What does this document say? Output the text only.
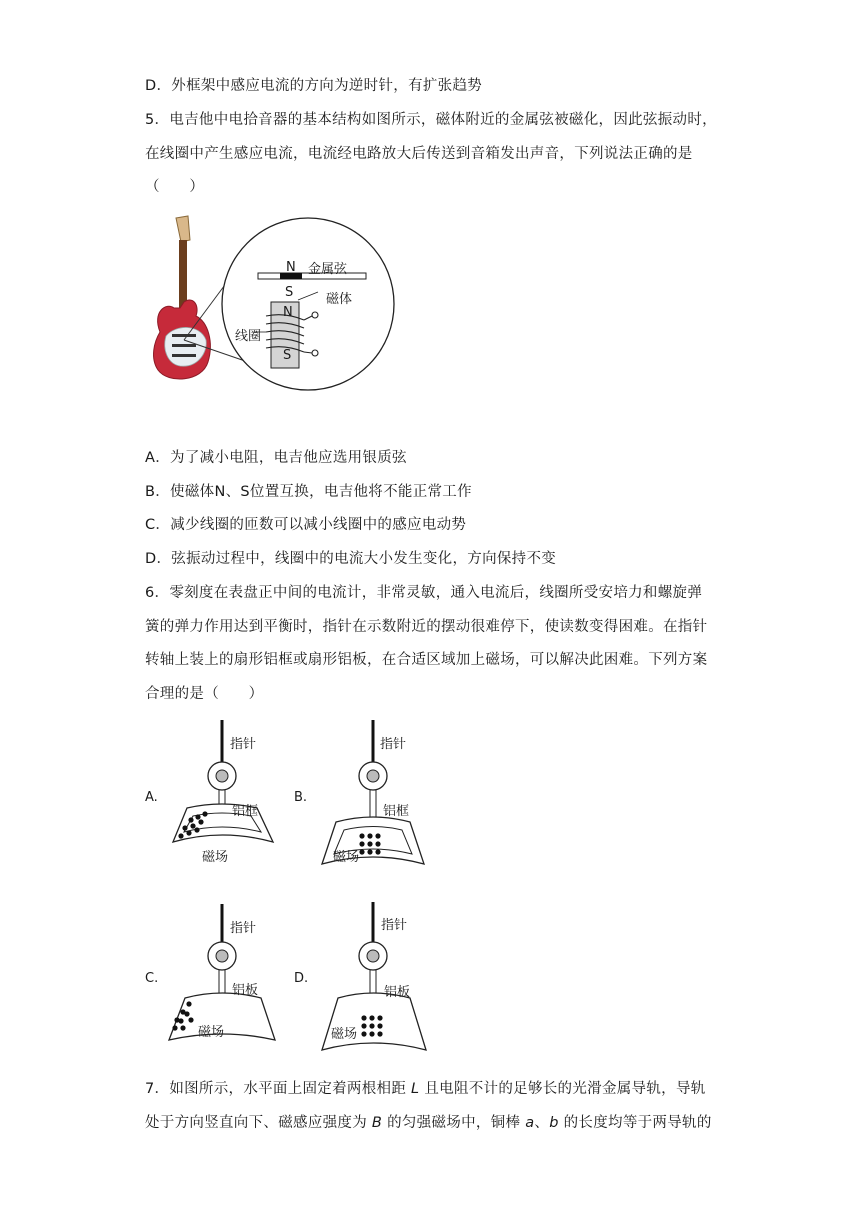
D．外框架中感应电流的方向为逆时针，有扩张趋势
5．电吉他中电拾音器的基本结构如图所示，磁体附近的金属弦被磁化，因此弦振动时，
在线圈中产生感应电流，电流经电路放大后传送到音箱发出声音，下列说法正确的是
（　　）
N 金属弦
S	磁体
N
线圈
S
A．为了减小电阻，电吉他应选用银质弦
B．使磁体N、S位置互换，电吉他将不能正常工作
C．减少线圈的匝数可以减小线圈中的感应电动势
D．弦振动过程中，线圈中的电流大小发生变化，方向保持不变
6．零刻度在表盘正中间的电流计，非常灵敏，通入电流后，线圈所受安培力和螺旋弹
簧的弹力作用达到平衡时，指针在示数附近的摆动很难停下，使读数变得困难。在指针
转轴上装上的扇形铝框或扇形铝板，在合适区域加上磁场，可以解决此困难。下列方案
合理的是（　　）
A.
指针
铝框
磁场
B.
指针
铝框
磁场
C.
指针
铝板
磁场
D.
指针
铝板
磁场
7．如图所示，水平面上固定着两根相距 L 且电阻不计的足够长的光滑金属导轨，导轨
处于方向竖直向下、磁感应强度为 B 的匀强磁场中，铜棒 a、b 的长度均等于两导轨的
